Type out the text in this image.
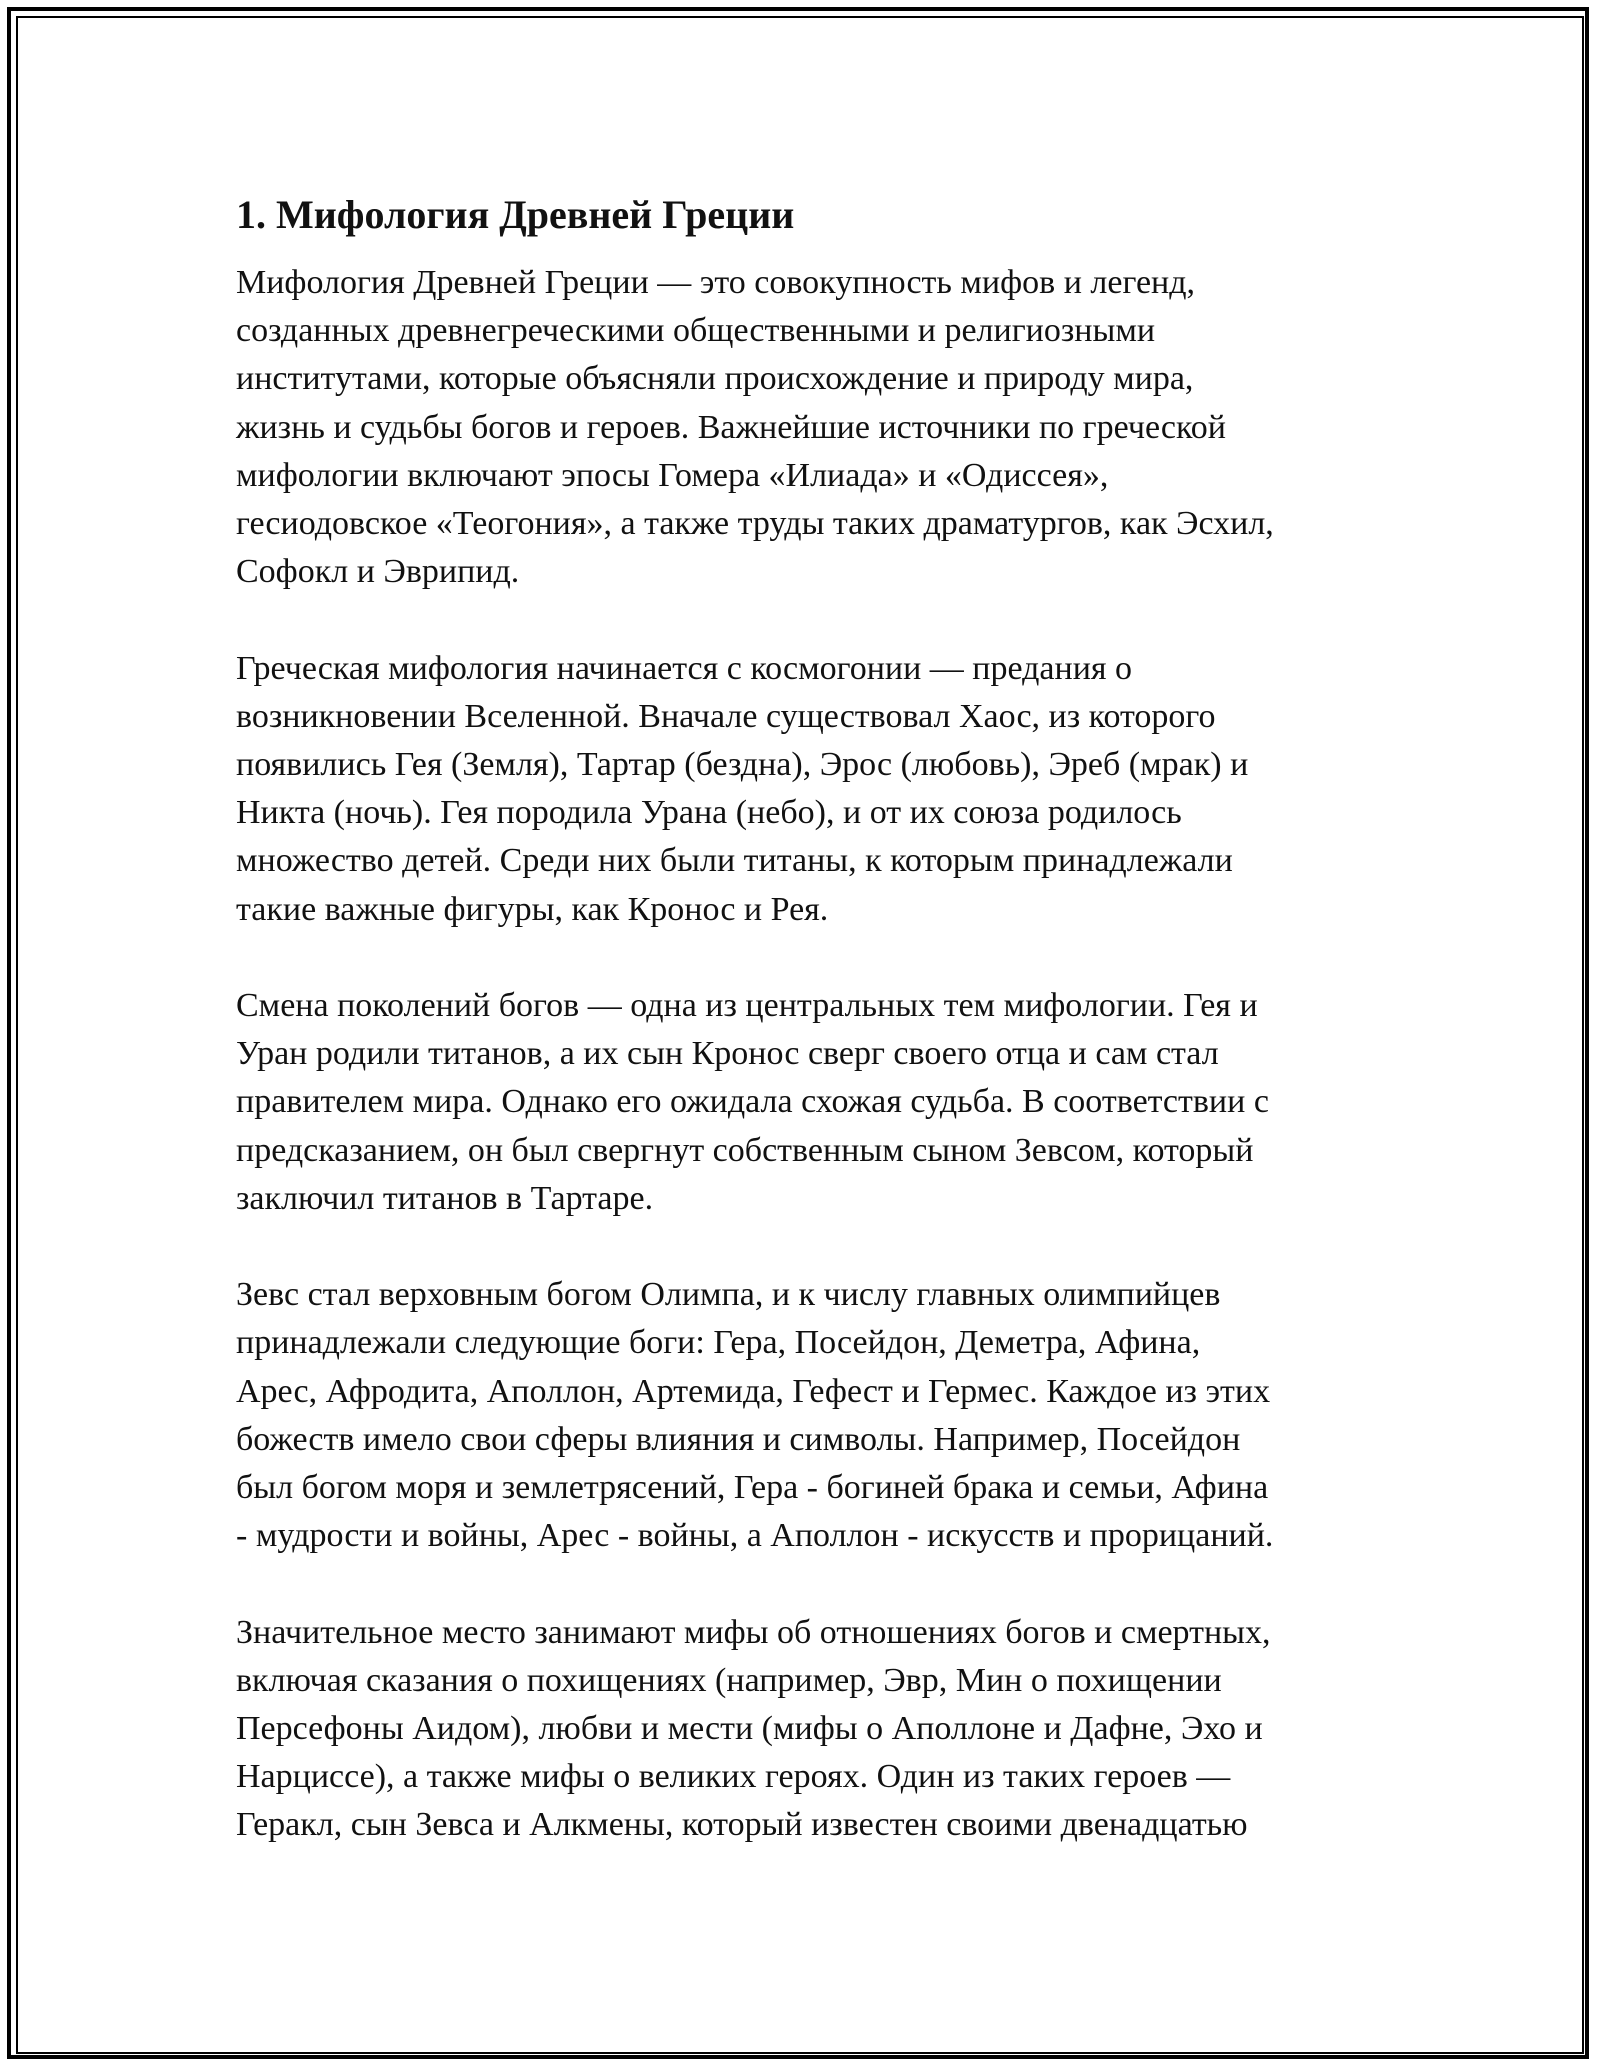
1. Мифология Древней Греции
Мифология Древней Греции — это совокупность мифов и легенд,
созданных древнегреческими общественными и религиозными
институтами, которые объясняли происхождение и природу мира,
жизнь и судьбы богов и героев. Важнейшие источники по греческой
мифологии включают эпосы Гомера «Илиада» и «Одиссея»,
гесиодовское «Теогония», а также труды таких драматургов, как Эсхил,
Софокл и Эврипид.
Греческая мифология начинается с космогонии — предания о
возникновении Вселенной. Вначале существовал Хаос, из которого
появились Гея (Земля), Тартар (бездна), Эрос (любовь), Эреб (мрак) и
Никта (ночь). Гея породила Урана (небо), и от их союза родилось
множество детей. Среди них были титаны, к которым принадлежали
такие важные фигуры, как Кронос и Рея.
Смена поколений богов — одна из центральных тем мифологии. Гея и
Уран родили титанов, а их сын Кронос сверг своего отца и сам стал
правителем мира. Однако его ожидала схожая судьба. В соответствии с
предсказанием, он был свергнут собственным сыном Зевсом, который
заключил титанов в Тартаре.
Зевс стал верховным богом Олимпа, и к числу главных олимпийцев
принадлежали следующие боги: Гера, Посейдон, Деметра, Афина,
Арес, Афродита, Аполлон, Артемида, Гефест и Гермес. Каждое из этих
божеств имело свои сферы влияния и символы. Например, Посейдон
был богом моря и землетрясений, Гера - богиней брака и семьи, Афина
- мудрости и войны, Арес - войны, а Аполлон - искусств и прорицаний.
Значительное место занимают мифы об отношениях богов и смертных,
включая сказания о похищениях (например, Эвр, Мин о похищении
Персефоны Аидом), любви и мести (мифы о Аполлоне и Дафне, Эхо и
Нарциссе), а также мифы о великих героях. Один из таких героев —
Геракл, сын Зевса и Алкмены, который известен своими двенадцатью
